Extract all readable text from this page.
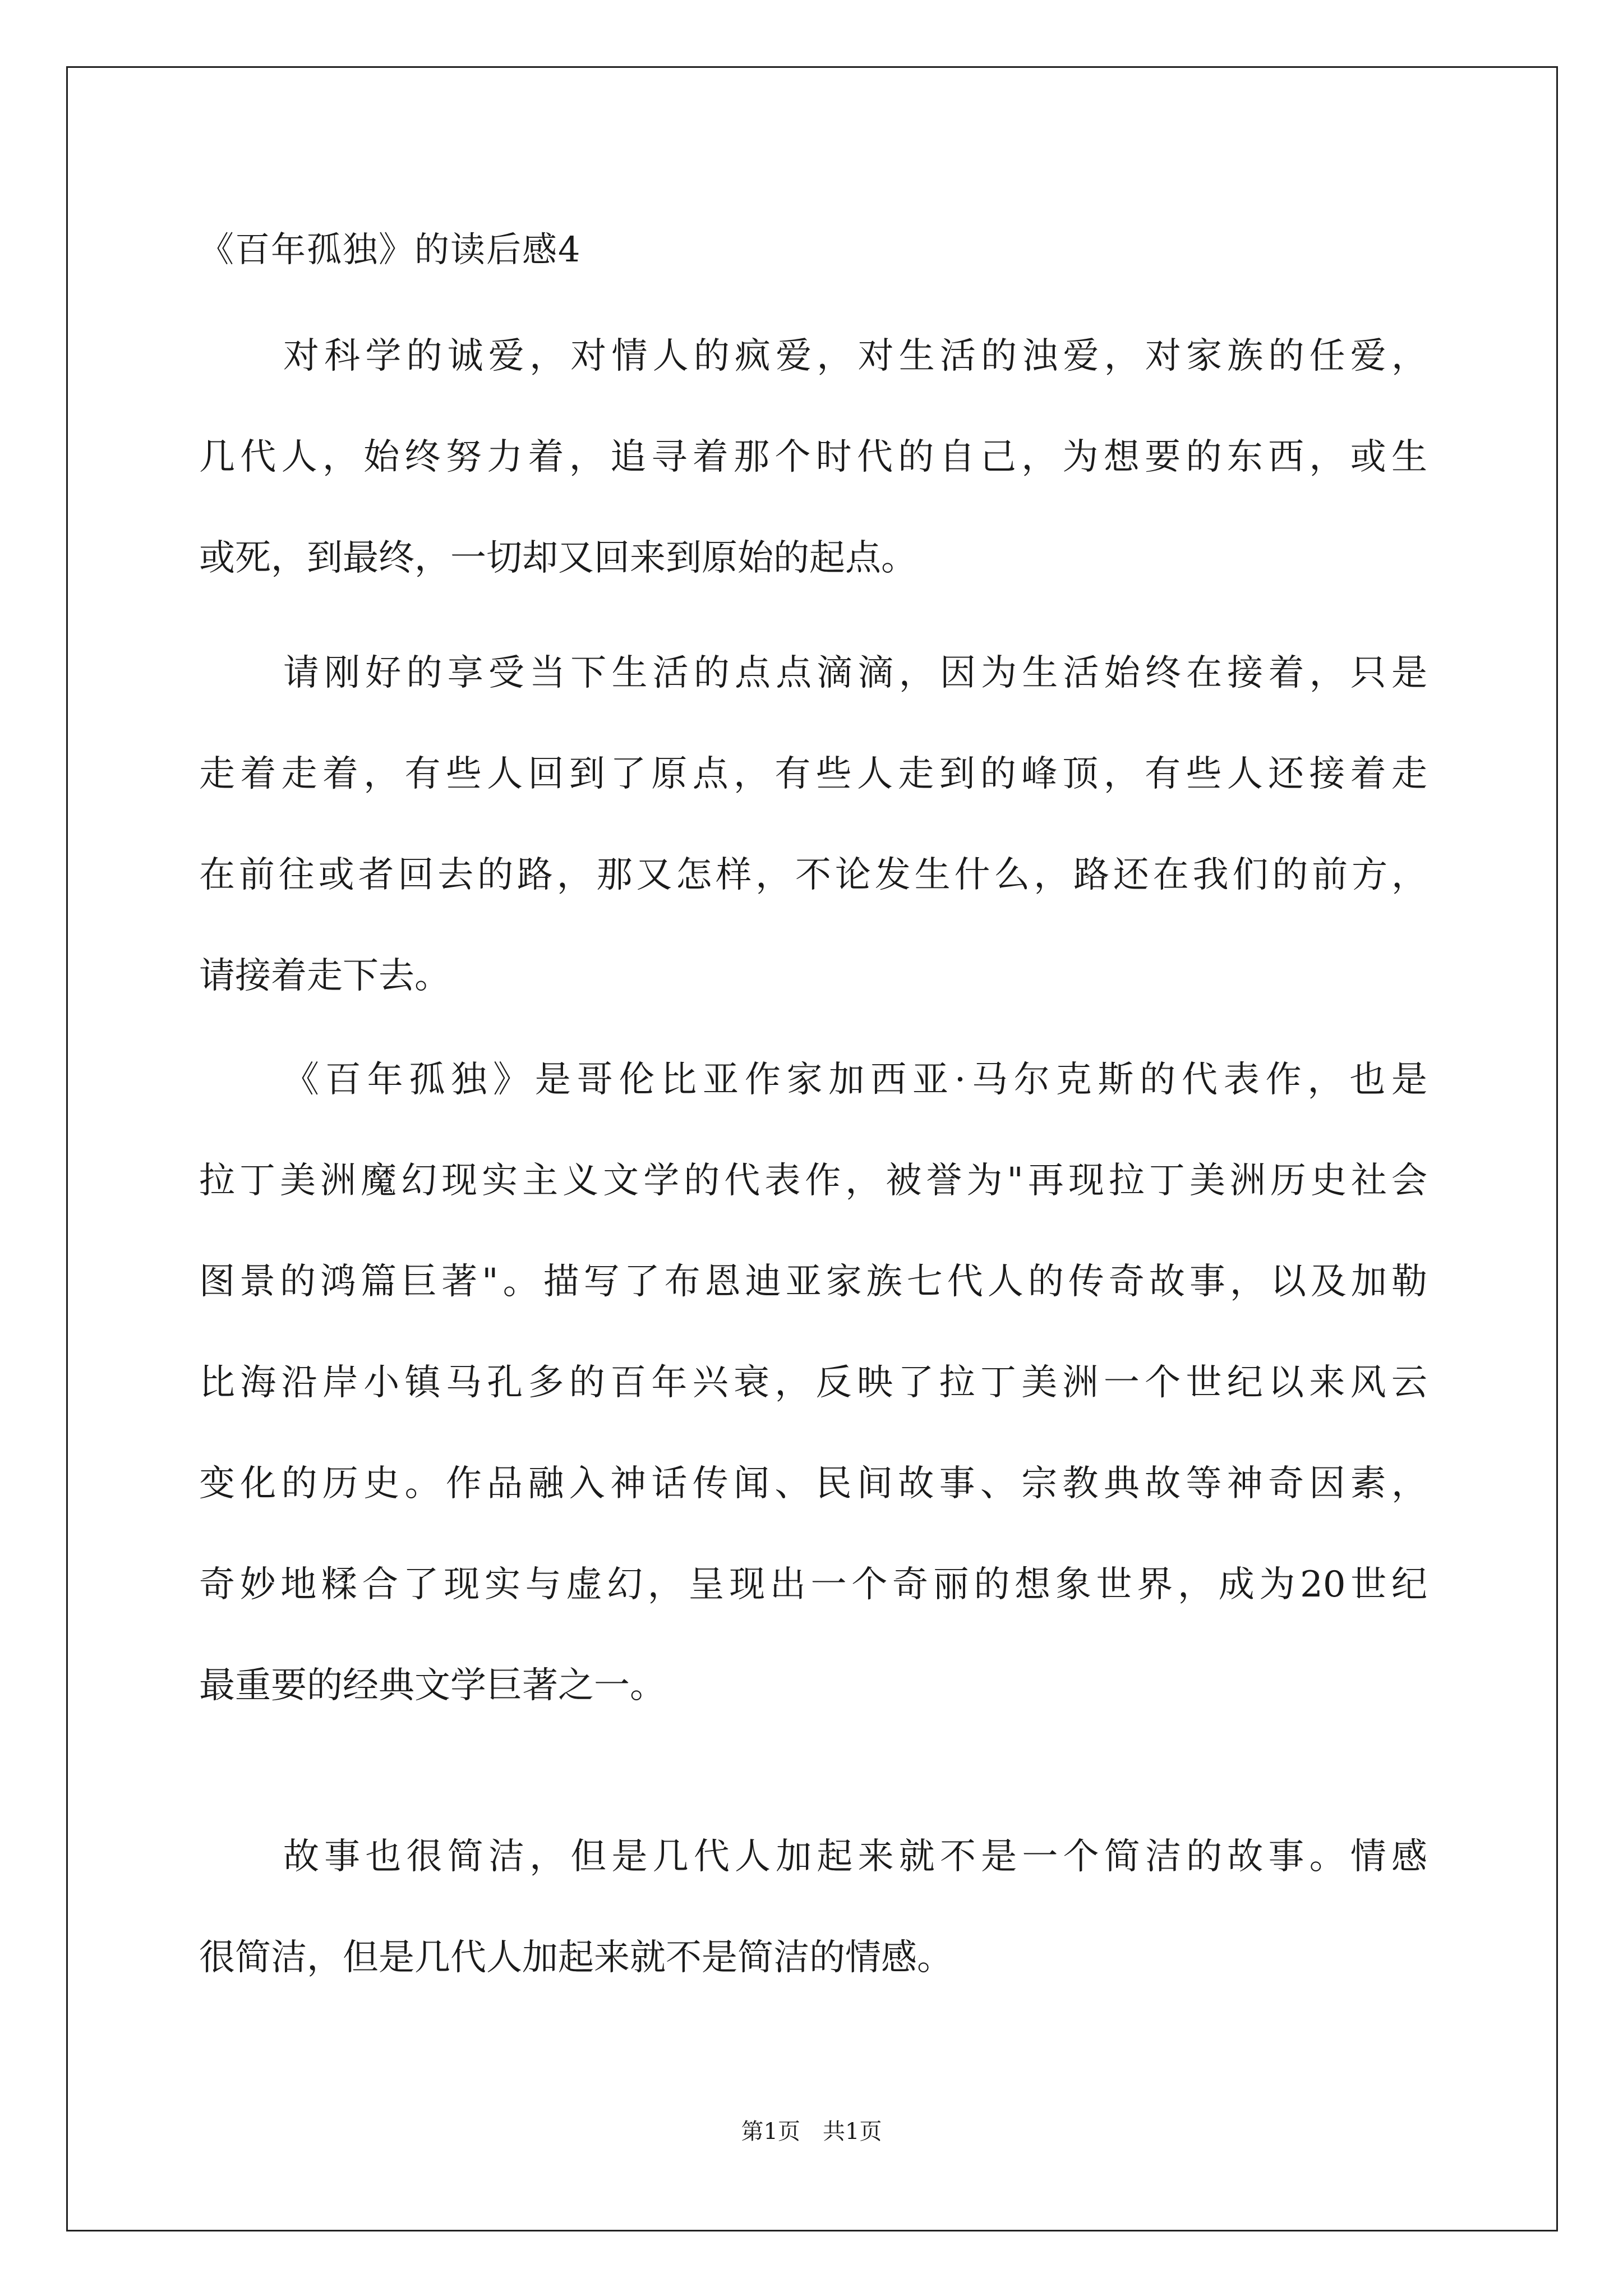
《百年孤独》的读后感4

对科学的诚爱，对情人的疯爱，对生活的浊爱，对家族的任爱，
几代人，始终努力着，追寻着那个时代的自己，为想要的东西，或生
或死，到最终，一切却又回来到原始的起点。

请刚好的享受当下生活的点点滴滴，因为生活始终在接着，只是
走着走着，有些人回到了原点，有些人走到的峰顶，有些人还接着走
在前往或者回去的路，那又怎样，不论发生什么，路还在我们的前方，
请接着走下去。

《百年孤独》是哥伦比亚作家加西亚·马尔克斯的代表作，也是
拉丁美洲魔幻现实主义文学的代表作，被誉为"再现拉丁美洲历史社会
图景的鸿篇巨著"。描写了布恩迪亚家族七代人的传奇故事，以及加勒
比海沿岸小镇马孔多的百年兴衰，反映了拉丁美洲一个世纪以来风云
变化的历史。作品融入神话传闻、民间故事、宗教典故等神奇因素，
奇妙地糅合了现实与虚幻，呈现出一个奇丽的想象世界，成为20世纪
最重要的经典文学巨著之一。

故事也很简洁，但是几代人加起来就不是一个简洁的故事。情感
很简洁，但是几代人加起来就不是简洁的情感。

第1页　共1页
